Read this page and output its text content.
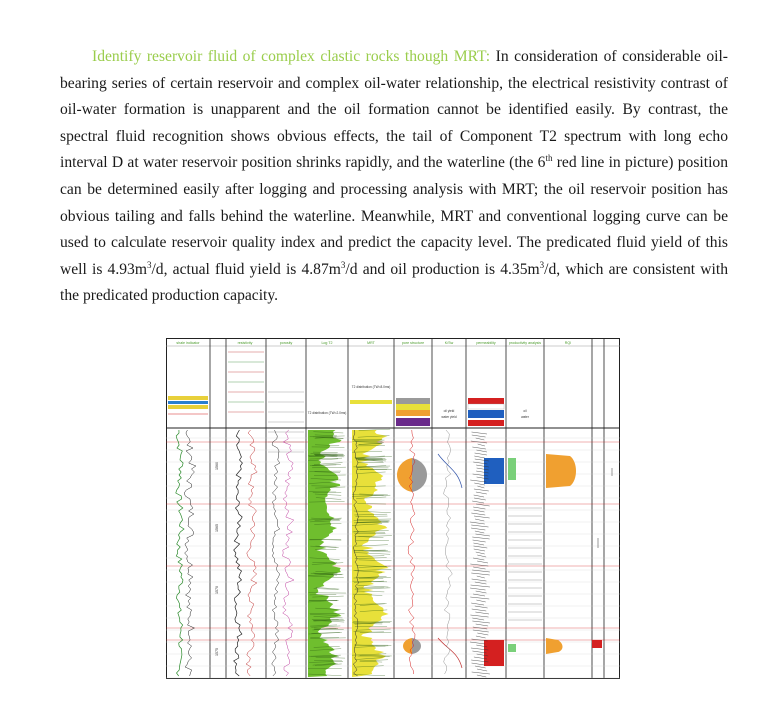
Identify reservoir fluid of complex clastic rocks though MRT: In consideration of considerable oil-bearing series of certain reservoir and complex oil-water relationship, the electrical resistivity contrast of oil-water formation is unapparent and the oil formation cannot be identified easily. By contrast, the spectral fluid recognition shows obvious effects, the tail of Component T2 spectrum with long echo interval D at water reservoir position shrinks rapidly, and the waterline (the 6th red line in picture) position can be determined easily after logging and processing analysis with MRT; the oil reservoir position has obvious tailing and falls behind the waterline. Meanwhile, MRT and conventional logging curve can be used to calculate reservoir quality index and predict the capacity level. The predicated fluid yield of this well is $4.93m^3/d$, actual fluid yield is $4.87m^3/d$ and oil production is $4.35m^3/d$, which are consistent with the predicated production capacity.

shale indicator	resistivity	porosity	Log T2	MRT	pore structure	K/Sw	permeability	productivity analysis	RQI
T2 distribution (TW=2.0ms)
T2 distribution (TW=8.0ms)
oil yield
water yield
oil
water
1560
1565
1570
1575
